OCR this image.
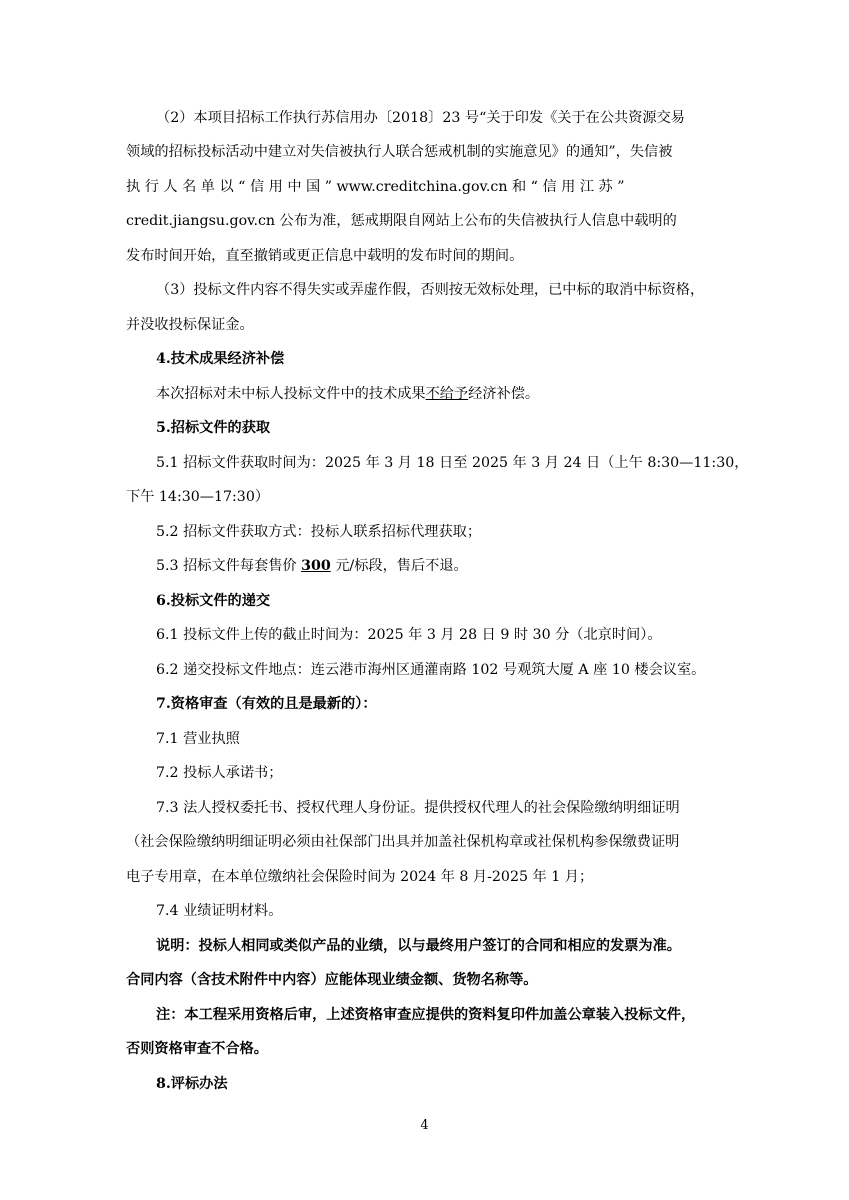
（2）本项目招标工作执行苏信用办〔2018〕23 号“关于印发《关于在公共资源交易
领域的招标投标活动中建立对失信被执行人联合惩戒机制的实施意见》的通知”，失信被
执 行 人 名 单 以 “ 信 用 中 国 ” www.creditchina.gov.cn 和 “ 信 用 江 苏 ”
credit.jiangsu.gov.cn 公布为准，惩戒期限自网站上公布的失信被执行人信息中载明的
发布时间开始，直至撤销或更正信息中载明的发布时间的期间。
（3）投标文件内容不得失实或弄虚作假，否则按无效标处理，已中标的取消中标资格，
并没收投标保证金。
4.技术成果经济补偿
本次招标对未中标人投标文件中的技术成果不给予经济补偿。
5.招标文件的获取
5.1 招标文件获取时间为：2025 年 3 月 18 日至 2025 年 3 月 24 日（上午 8:30—11:30，
下午 14:30—17:30）
5.2 招标文件获取方式：投标人联系招标代理获取；
5.3 招标文件每套售价 300 元/标段，售后不退。
6.投标文件的递交
6.1 投标文件上传的截止时间为：2025 年 3 月 28 日 9 时 30 分（北京时间）。
6.2 递交投标文件地点：连云港市海州区通灌南路 102 号观筑大厦 A 座 10 楼会议室。
7.资格审查（有效的且是最新的）：
7.1 营业执照
7.2 投标人承诺书；
7.3 法人授权委托书、授权代理人身份证。提供授权代理人的社会保险缴纳明细证明
（社会保险缴纳明细证明必须由社保部门出具并加盖社保机构章或社保机构参保缴费证明
电子专用章，在本单位缴纳社会保险时间为 2024 年 8 月-2025 年 1 月；
7.4 业绩证明材料。
说明：投标人相同或类似产品的业绩，以与最终用户签订的合同和相应的发票为准。
合同内容（含技术附件中内容）应能体现业绩金额、货物名称等。
注：本工程采用资格后审，上述资格审查应提供的资料复印件加盖公章装入投标文件，
否则资格审查不合格。
8.评标办法
4
